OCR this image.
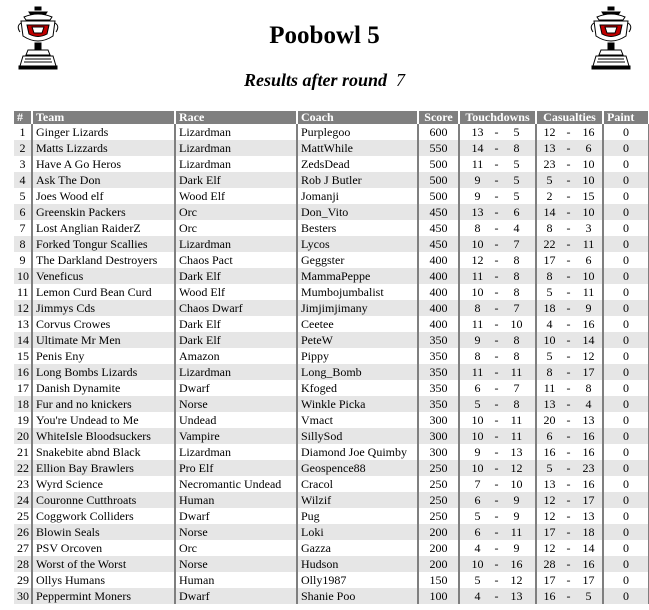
Poobowl 5
Results after round 7
#	Team	Race	Coach	Score	Touchdowns	Casualties	Paint
1	Ginger Lizards	Lizardman	Purplegoo	600	13 - 5	12 - 16	0
2	Matts Lizzards	Lizardman	MattWhile	550	14 - 8	13 - 6	0
3	Have A Go Heros	Lizardman	ZedsDead	500	11 - 5	23 - 10	0
4	Ask The Don	Dark Elf	Rob J Butler	500	9 - 5	5 - 10	0
5	Joes Wood elf	Wood Elf	Jomanji	500	9 - 5	2 - 15	0
6	Greenskin Packers	Orc	Don_Vito	450	13 - 6	14 - 10	0
7	Lost Anglian RaiderZ	Orc	Besters	450	8 - 4	8 - 3	0
8	Forked Tongur Scallies	Lizardman	Lycos	450	10 - 7	22 - 11	0
9	The Darkland Destroyers	Chaos Pact	Geggster	400	12 - 8	17 - 6	0
10	Veneficus	Dark Elf	MammaPeppe	400	11 - 8	8 - 10	0
11	Lemon Curd Bean Curd	Wood Elf	Mumbojumbalist	400	10 - 8	5 - 11	0
12	Jimmys Cds	Chaos Dwarf	Jimjimjimany	400	8 - 7	18 - 9	0
13	Corvus Crowes	Dark Elf	Ceetee	400	11 - 10	4 - 16	0
14	Ultimate Mr Men	Dark Elf	PeteW	350	9 - 8	10 - 14	0
15	Penis Eny	Amazon	Pippy	350	8 - 8	5 - 12	0
16	Long Bombs Lizards	Lizardman	Long_Bomb	350	11 - 11	8 - 17	0
17	Danish Dynamite	Dwarf	Kfoged	350	6 - 7	11 - 8	0
18	Fur and no knickers	Norse	Winkle Picka	350	5 - 8	13 - 4	0
19	You're Undead to Me	Undead	Vmact	300	10 - 11	20 - 13	0
20	WhiteIsle Bloodsuckers	Vampire	SillySod	300	10 - 11	6 - 16	0
21	Snakebite abnd Black	Lizardman	Diamond Joe Quimby	300	9 - 13	16 - 16	0
22	Ellion Bay Brawlers	Pro Elf	Geospence88	250	10 - 12	5 - 23	0
23	Wyrd Science	Necromantic Undead	Cracol	250	7 - 10	13 - 16	0
24	Couronne Cutthroats	Human	Wilzif	250	6 - 9	12 - 17	0
25	Coggwork Colliders	Dwarf	Pug	250	5 - 9	12 - 13	0
26	Blowin Seals	Norse	Loki	200	6 - 11	17 - 18	0
27	PSV Orcoven	Orc	Gazza	200	4 - 9	12 - 14	0
28	Worst of the Worst	Norse	Hudson	200	10 - 16	28 - 16	0
29	Ollys Humans	Human	Olly1987	150	5 - 12	17 - 17	0
30	Peppermint Moners	Dwarf	Shanie Poo	100	4 - 13	16 - 5	0
